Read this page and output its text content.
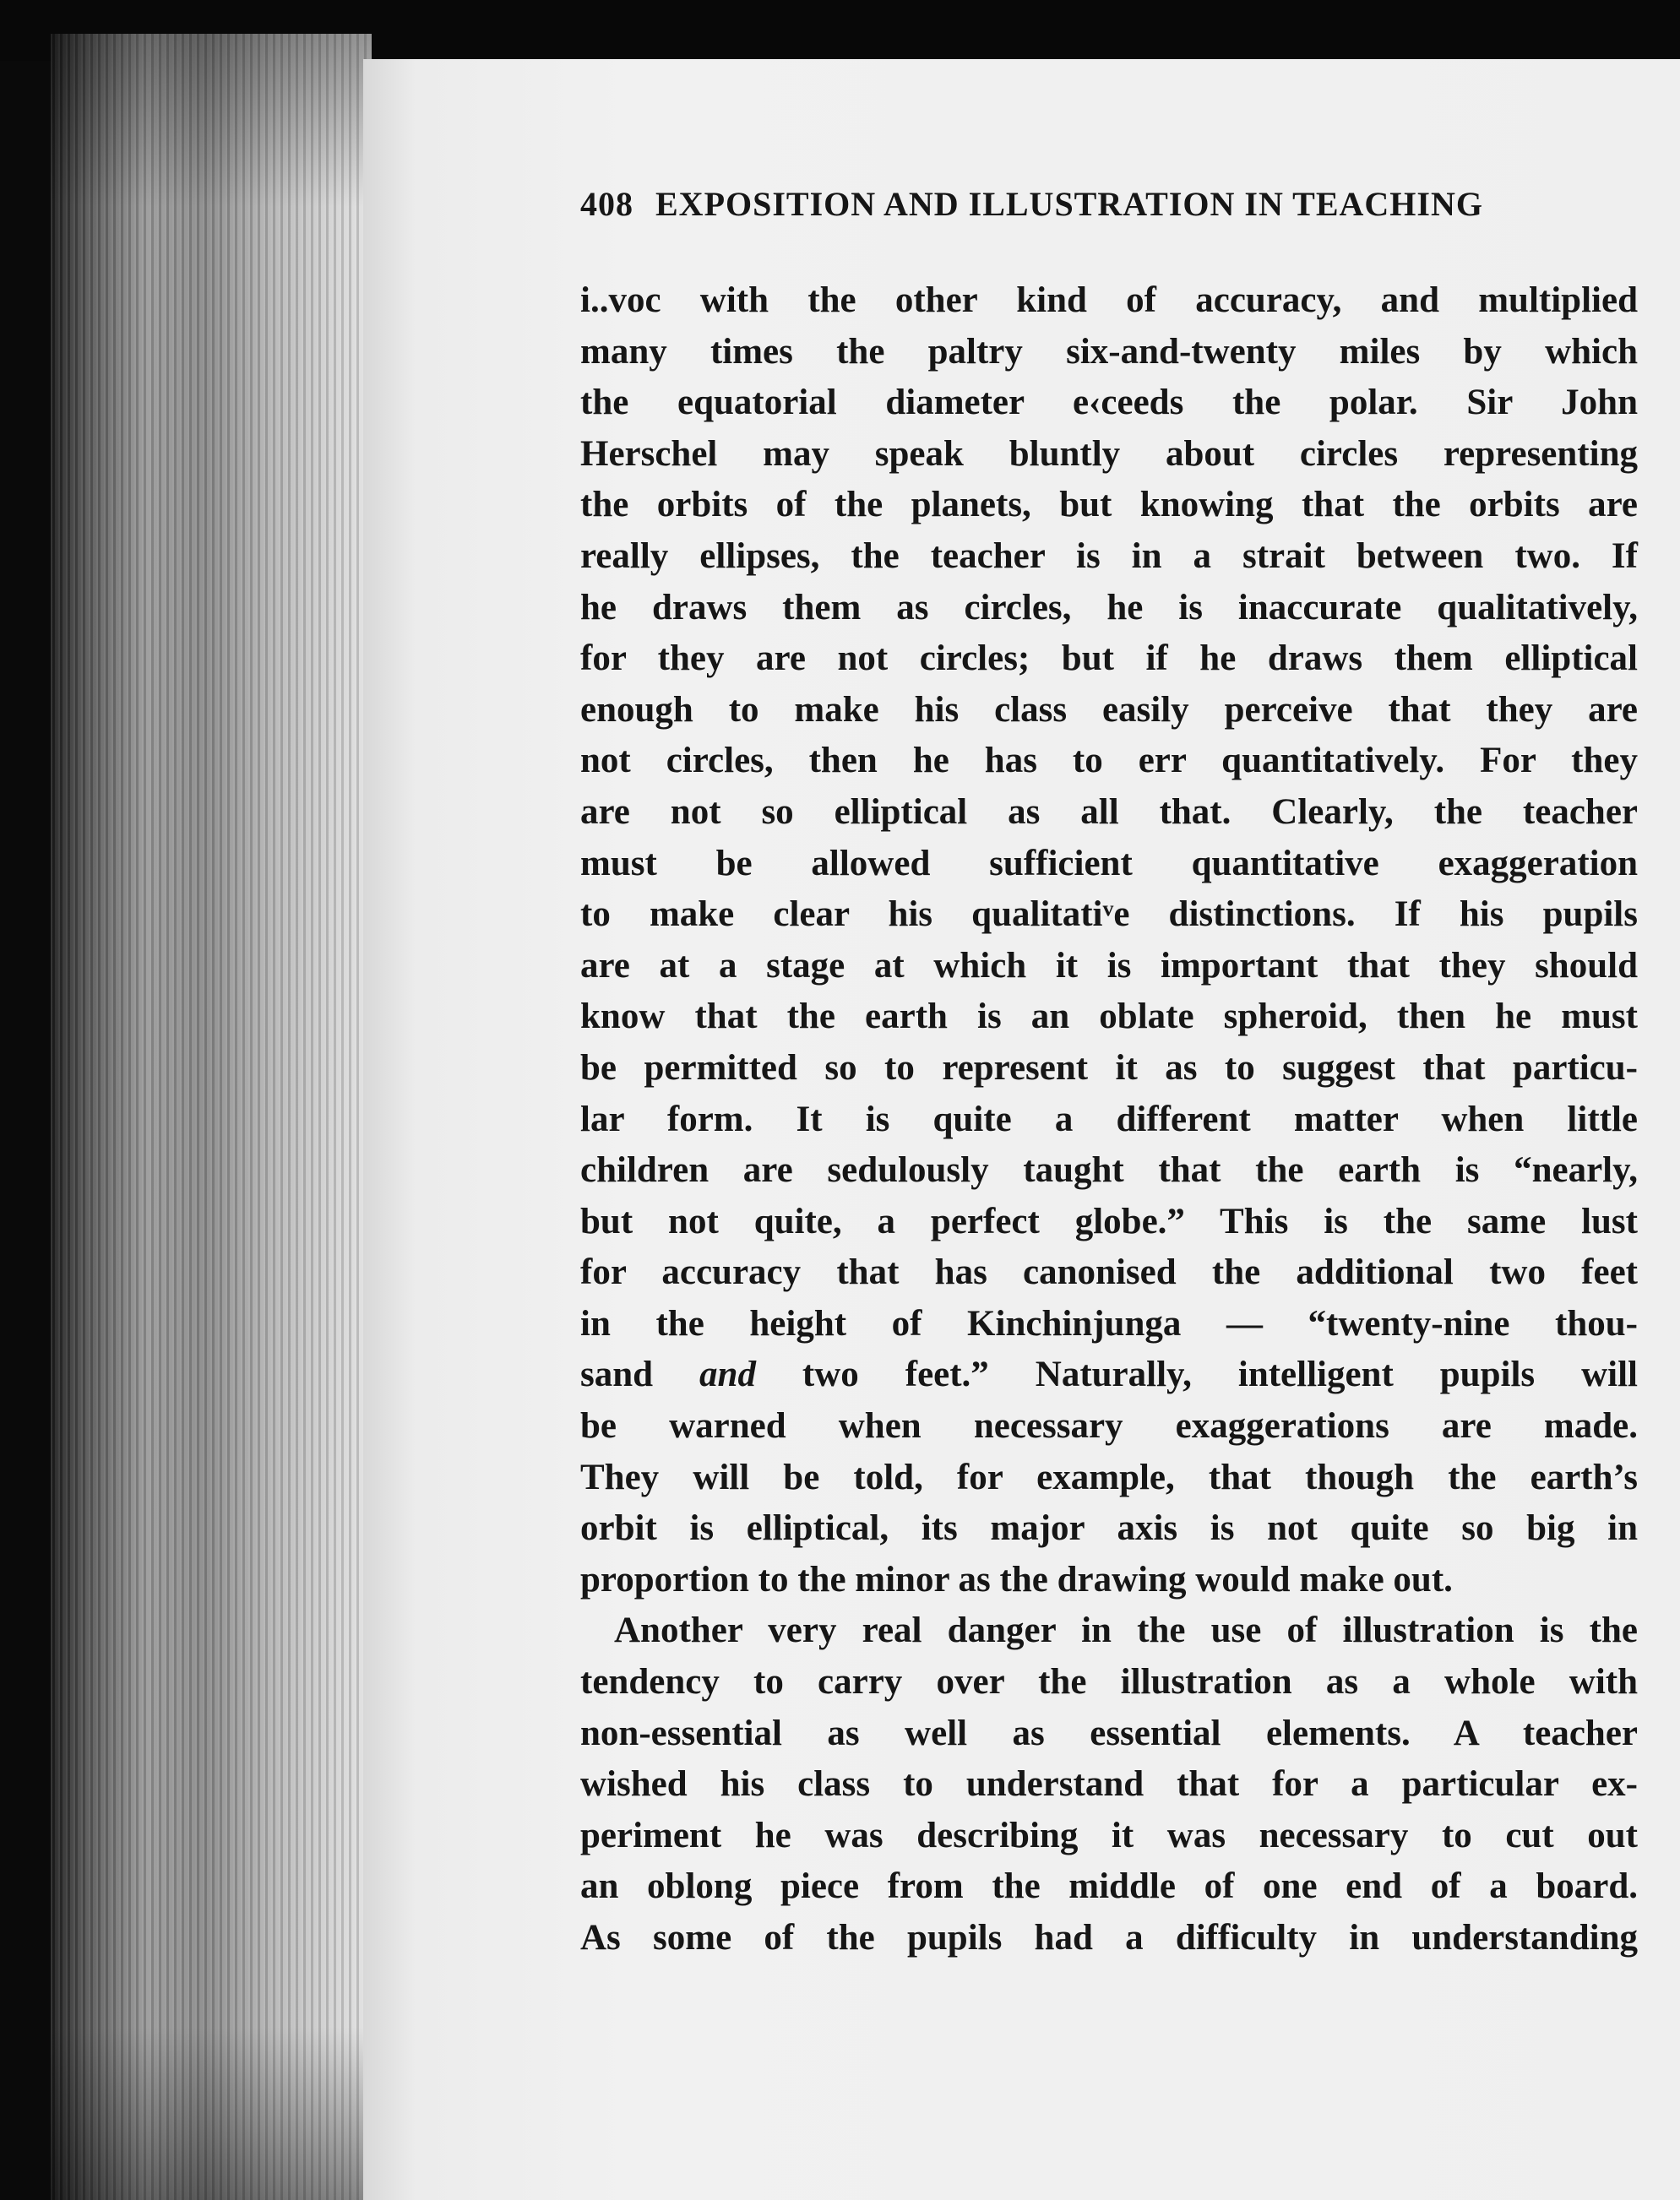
408 EXPOSITION AND ILLUSTRATION IN TEACHING
i..voc with the other kind of accuracy, and multiplied
many times the paltry six-and-twenty miles by which
the equatorial diameter e‹ceeds the polar. Sir John
Herschel may speak bluntly about circles representing
the orbits of the planets, but knowing that the orbits are
really ellipses, the teacher is in a strait between two. If
he draws them as circles, he is inaccurate qualitatively,
for they are not circles; but if he draws them elliptical
enough to make his class easily perceive that they are
not circles, then he has to err quantitatively. For they
are not so elliptical as all that. Clearly, the teacher
must be allowed sufficient quantitative exaggeration
to make clear his qualitatiᵛe distinctions. If his pupils
are at a stage at which it is important that they should
know that the earth is an oblate spheroid, then he must
be permitted so to represent it as to suggest that particu-
lar form. It is quite a different matter when little
children are sedulously taught that the earth is “nearly,
but not quite, a perfect globe.” This is the same lust
for accuracy that has canonised the additional two feet
in the height of Kinchinjunga — “twenty-nine thou-
sand and two feet.” Naturally, intelligent pupils will
be warned when necessary exaggerations are made.
They will be told, for example, that though the earth’s
orbit is elliptical, its major axis is not quite so big in
proportion to the minor as the drawing would make out.
Another very real danger in the use of illustration is the
tendency to carry over the illustration as a whole with
non-essential as well as essential elements. A teacher
wished his class to understand that for a particular ex-
periment he was describing it was necessary to cut out
an oblong piece from the middle of one end of a board.
As some of the pupils had a difficulty in understanding
